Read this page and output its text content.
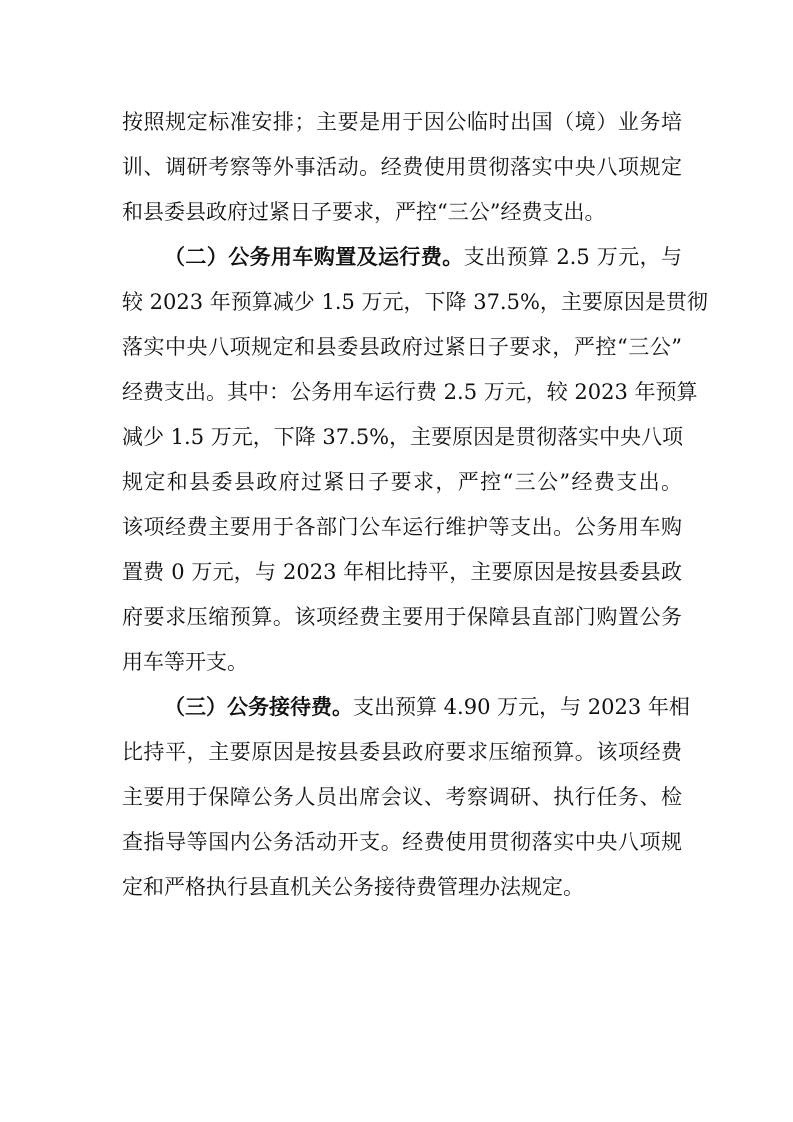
按照规定标准安排；主要是用于因公临时出国（境）业务培
训、调研考察等外事活动。经费使用贯彻落实中央八项规定
和县委县政府过紧日子要求，严控“三公”经费支出。
（二）公务用车购置及运行费。支出预算 2.5 万元，与
较 2023 年预算减少 1.5 万元，下降 37.5%，主要原因是贯彻
落实中央八项规定和县委县政府过紧日子要求，严控“三公”
经费支出。其中：公务用车运行费 2.5 万元，较 2023 年预算
减少 1.5 万元，下降 37.5%，主要原因是贯彻落实中央八项
规定和县委县政府过紧日子要求，严控“三公”经费支出。
该项经费主要用于各部门公车运行维护等支出。公务用车购
置费 0 万元，与 2023 年相比持平，主要原因是按县委县政
府要求压缩预算。该项经费主要用于保障县直部门购置公务
用车等开支。
（三）公务接待费。支出预算 4.90 万元，与 2023 年相
比持平，主要原因是按县委县政府要求压缩预算。该项经费
主要用于保障公务人员出席会议、考察调研、执行任务、检
查指导等国内公务活动开支。经费使用贯彻落实中央八项规
定和严格执行县直机关公务接待费管理办法规定。
